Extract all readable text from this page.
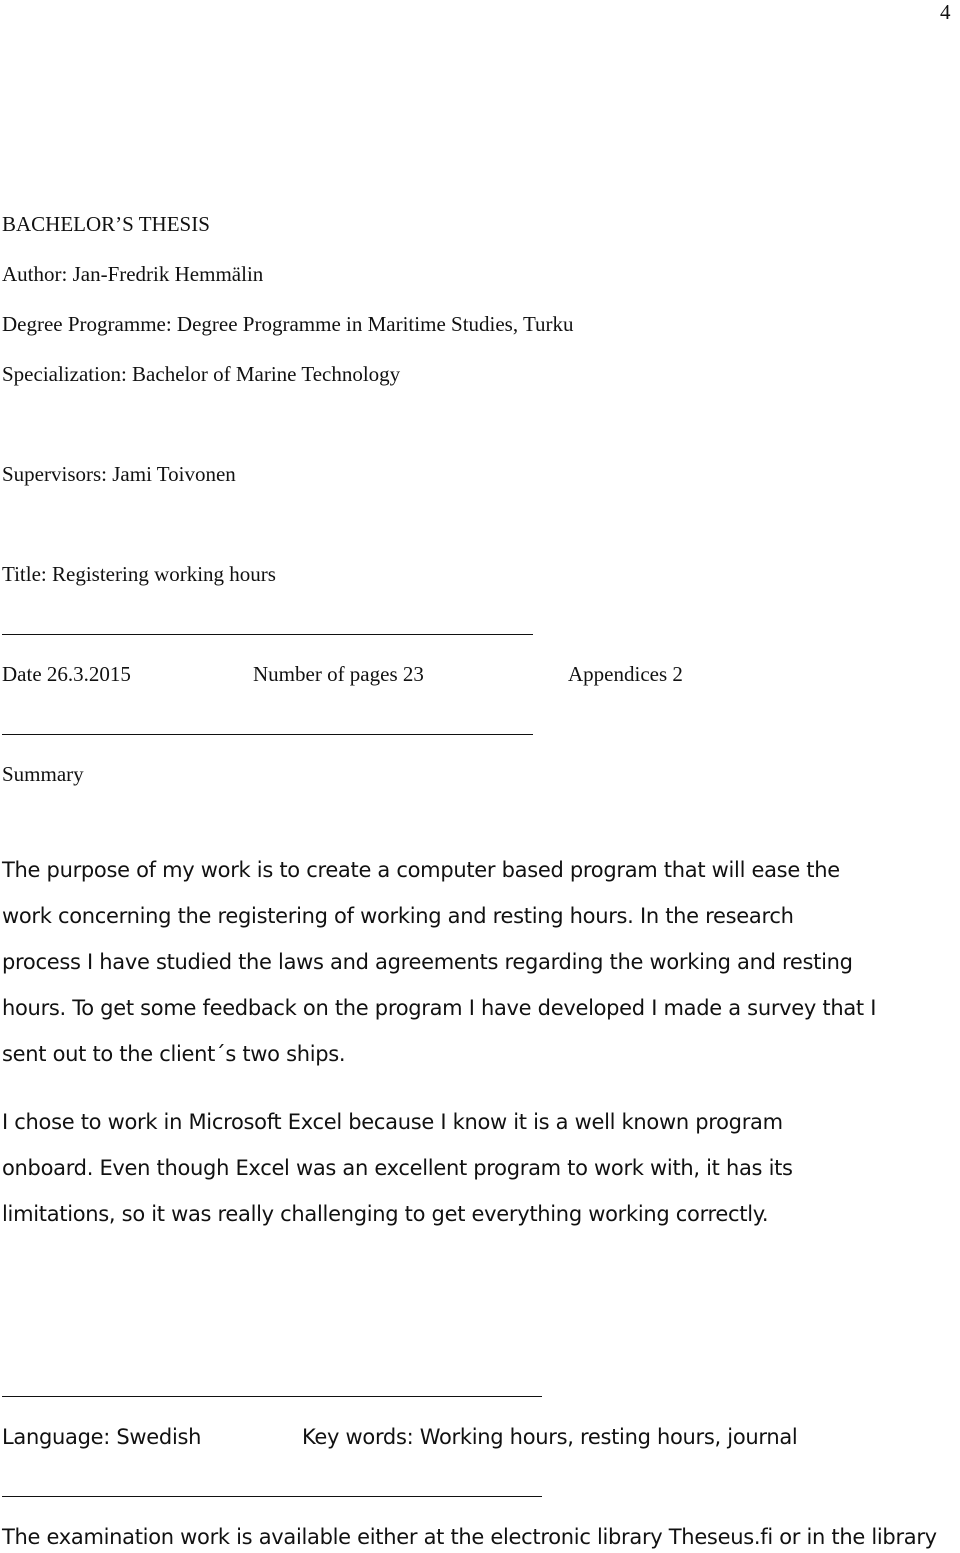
4
BACHELOR’S THESIS
Author: Jan-Fredrik Hemmälin
Degree Programme: Degree Programme in Maritime Studies, Turku
Specialization: Bachelor of Marine Technology
Supervisors: Jami Toivonen
Title: Registering working hours
Date 26.3.2015	Number of pages 23	Appendices 2
Summary
The purpose of my work is to create a computer based program that will ease the
work concerning the registering of working and resting hours. In the research
process I have studied the laws and agreements regarding the working and resting
hours. To get some feedback on the program I have developed I made a survey that I
sent out to the client´s two ships.
I chose to work in Microsoft Excel because I know it is a well known program
onboard. Even though Excel was an excellent program to work with, it has its
limitations, so it was really challenging to get everything working correctly.
Language: Swedish	Key words: Working hours, resting hours, journal
The examination work is available either at the electronic library Theseus.fi or in the library
